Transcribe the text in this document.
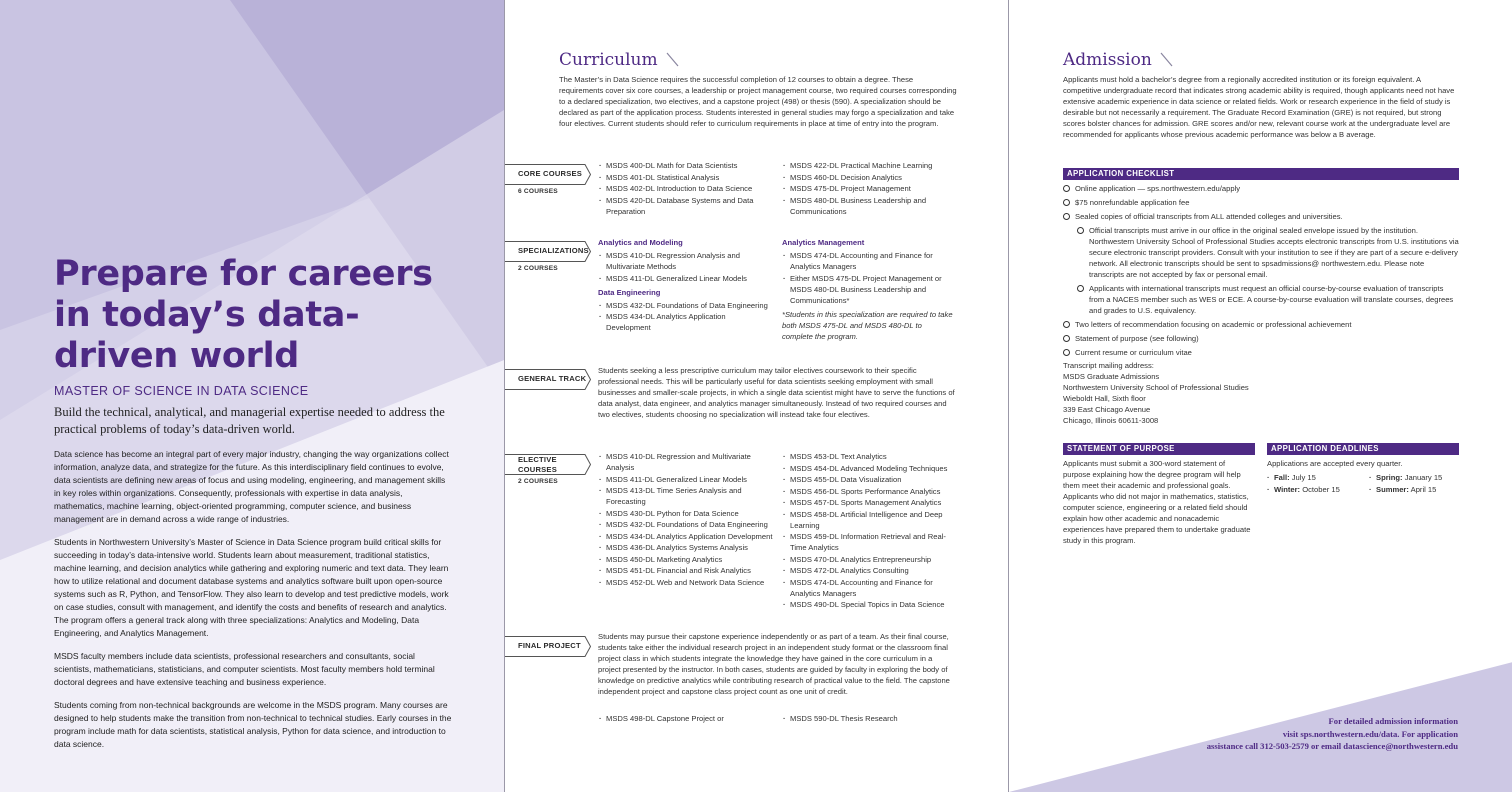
Prepare for careers
in today’s data-
driven world
MASTER OF SCIENCE IN DATA SCIENCE
Build the technical, analytical, and managerial expertise needed to address the practical problems of today’s data-driven world.
Data science has become an integral part of every major industry, changing the way organizations collect information, analyze data, and strategize for the future. As this interdisciplinary field continues to evolve, data scientists are defining new areas of focus and using modeling, engineering, and management skills in key roles within organizations. Consequently, professionals with expertise in data analysis, mathematics, machine learning, object-oriented programming, computer science, and business management are in demand across a wide range of industries.
Students in Northwestern University’s Master of Science in Data Science program build critical skills for succeeding in today’s data-intensive world. Students learn about measurement, traditional statistics, machine learning, and decision analytics while gathering and exploring numeric and text data. They learn how to utilize relational and document database systems and analytics software built upon open-source systems such as R, Python, and TensorFlow. They also learn to develop and test predictive models, work on case studies, consult with management, and identify the costs and benefits of research and analytics. The program offers a general track along with three specializations: Analytics and Modeling, Data Engineering, and Analytics Management.
MSDS faculty members include data scientists, professional researchers and consultants, social scientists, mathematicians, statisticians, and computer scientists. Most faculty members hold terminal doctoral degrees and have extensive teaching and business experience.
Students coming from non-technical backgrounds are welcome in the MSDS program. Many courses are designed to help students make the transition from non-technical to technical studies. Early courses in the program include math for data scientists, statistical analysis, Python for data science, and introduction to data science.
Curriculum
The Master’s in Data Science requires the successful completion of 12 courses to obtain a degree. These requirements cover six core courses, a leadership or project management course, two required courses corresponding to a declared specialization, two electives, and a capstone project (498) or thesis (590). A specialization should be declared as part of the application process. Students interested in general studies may forgo a specialization and take four electives. Current students should refer to curriculum requirements in place at time of entry into the program.
CORE COURSES
6 COURSES
· MSDS 400-DL Math for Data Scientists
· MSDS 401-DL Statistical Analysis
· MSDS 402-DL Introduction to Data Science
· MSDS 420-DL Database Systems and Data Preparation
· MSDS 422-DL Practical Machine Learning
· MSDS 460-DL Decision Analytics
· MSDS 475-DL Project Management
· MSDS 480-DL Business Leadership and Communications
SPECIALIZATIONS
2 COURSES
Analytics and Modeling
· MSDS 410-DL Regression Analysis and Multivariate Methods
· MSDS 411-DL Generalized Linear Models
Data Engineering
· MSDS 432-DL Foundations of Data Engineering
· MSDS 434-DL Analytics Application Development
Analytics Management
· MSDS 474-DL Accounting and Finance for Analytics Managers
· Either MSDS 475-DL Project Management or MSDS 480-DL Business Leadership and Communications*
*Students in this specialization are required to take both MSDS 475-DL and MSDS 480-DL to complete the program.
GENERAL TRACK
Students seeking a less prescriptive curriculum may tailor electives coursework to their specific professional needs. This will be particularly useful for data scientists seeking employment with small businesses and smaller-scale projects, in which a single data scientist might have to serve the functions of data analyst, data engineer, and analytics manager simultaneously. Instead of two required courses and two electives, students choosing no specialization will instead take four electives.
ELECTIVE
COURSES
2 COURSES
· MSDS 410-DL Regression and Multivariate Analysis
· MSDS 411-DL Generalized Linear Models
· MSDS 413-DL Time Series Analysis and Forecasting
· MSDS 430-DL Python for Data Science
· MSDS 432-DL Foundations of Data Engineering
· MSDS 434-DL Analytics Application Development
· MSDS 436-DL Analytics Systems Analysis
· MSDS 450-DL Marketing Analytics
· MSDS 451-DL Financial and Risk Analytics
· MSDS 452-DL Web and Network Data Science
· MSDS 453-DL Text Analytics
· MSDS 454-DL Advanced Modeling Techniques
· MSDS 455-DL Data Visualization
· MSDS 456-DL Sports Performance Analytics
· MSDS 457-DL Sports Management Analytics
· MSDS 458-DL Artificial Intelligence and Deep Learning
· MSDS 459-DL Information Retrieval and Real-Time Analytics
· MSDS 470-DL Analytics Entrepreneurship
· MSDS 472-DL Analytics Consulting
· MSDS 474-DL Accounting and Finance for Analytics Managers
· MSDS 490-DL Special Topics in Data Science
FINAL PROJECT
Students may pursue their capstone experience independently or as part of a team. As their final course, students take either the individual research project in an independent study format or the classroom final project class in which students integrate the knowledge they have gained in the core curriculum in a project presented by the instructor. In both cases, students are guided by faculty in exploring the body of knowledge on predictive analytics while contributing research of practical value to the field. The capstone independent project and capstone class project count as one unit of credit.
· MSDS 498-DL Capstone Project or	· MSDS 590-DL Thesis Research
Admission
Applicants must hold a bachelor’s degree from a regionally accredited institution or its foreign equivalent. A competitive undergraduate record that indicates strong academic ability is required, though applicants need not have extensive academic experience in data science or related fields. Work or research experience in the field of study is desirable but not necessarily a requirement. The Graduate Record Examination (GRE) is not required, but strong scores bolster chances for admission. GRE scores and/or new, relevant course work at the undergraduate level are recommended for applicants whose previous academic performance was below a B average.
APPLICATION CHECKLIST
Online application — sps.northwestern.edu/apply
$75 nonrefundable application fee
Sealed copies of official transcripts from ALL attended colleges and universities.
Official transcripts must arrive in our office in the original sealed envelope issued by the institution. Northwestern University School of Professional Studies accepts electronic transcripts from U.S. institutions via secure electronic transcript providers. Consult with your institution to see if they are part of a secure e-delivery network. All electronic transcripts should be sent to spsadmissions@ northwestern.edu. Please note transcripts are not accepted by fax or personal email.
Applicants with international transcripts must request an official course-by-course evaluation of transcripts from a NACES member such as WES or ECE. A course-by-course evaluation will translate courses, degrees and grades to U.S. equivalency.
Two letters of recommendation focusing on academic or professional achievement
Statement of purpose (see following)
Current resume or curriculum vitae
Transcript mailing address:
MSDS Graduate Admissions
Northwestern University School of Professional Studies
Wieboldt Hall, Sixth floor
339 East Chicago Avenue
Chicago, Illinois 60611-3008
STATEMENT OF PURPOSE
Applicants must submit a 300-word statement of purpose explaining how the degree program will help them meet their academic and professional goals. Applicants who did not major in mathematics, statistics, computer science, engineering or a related field should explain how other academic and nonacademic experiences have prepared them to undertake graduate study in this program.
APPLICATION DEADLINES
Applications are accepted every quarter.
· Fall: July 15	· Spring: January 15
· Winter: October 15	· Summer: April 15
For detailed admission information
visit sps.northwestern.edu/data. For application
assistance call 312-503-2579 or email datascience@northwestern.edu
